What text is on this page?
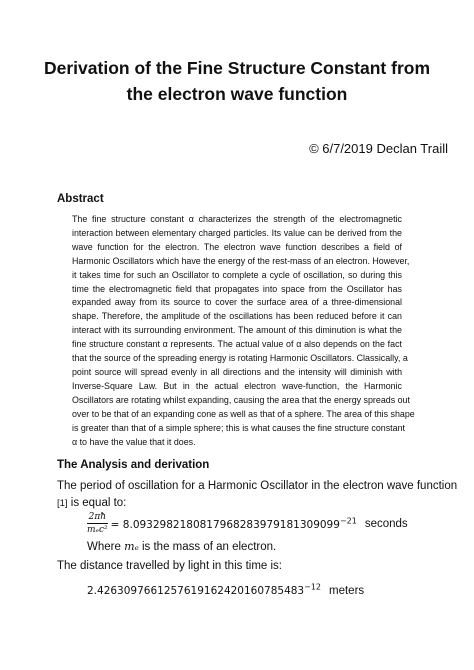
Derivation of the Fine Structure Constant from
the electron wave function
© 6/7/2019 Declan Traill
Abstract
The fine structure constant α characterizes the strength of the electromagnetic
interaction between elementary charged particles. Its value can be derived from the
wave function for the electron. The electron wave function describes a field of
Harmonic Oscillators which have the energy of the rest-mass of an electron. However,
it takes time for such an Oscillator to complete a cycle of oscillation, so during this
time the electromagnetic field that propagates into space from the Oscillator has
expanded away from its source to cover the surface area of a three-dimensional
shape. Therefore, the amplitude of the oscillations has been reduced before it can
interact with its surrounding environment. The amount of this diminution is what the
fine structure constant α represents. The actual value of α also depends on the fact
that the source of the spreading energy is rotating Harmonic Oscillators. Classically, a
point source will spread evenly in all directions and the intensity will diminish with
Inverse-Square Law. But in the actual electron wave-function, the Harmonic
Oscillators are rotating whilst expanding, causing the area that the energy spreads out
over to be that of an expanding cone as well as that of a sphere. The area of this shape
is greater than that of a simple sphere; this is what causes the fine structure constant
α to have the value that it does.
The Analysis and derivation
The period of oscillation for a Harmonic Oscillator in the electron wave function
[1] is equal to:
$\frac{2\pi ħ}{\text{mₑc²}} = 8.0932982180817968283979181309099^{-21}$ seconds
Where mₑ is the mass of an electron.
The distance travelled by light in this time is:
$2.4263097661257619162420160785483^{-12}$ meters
